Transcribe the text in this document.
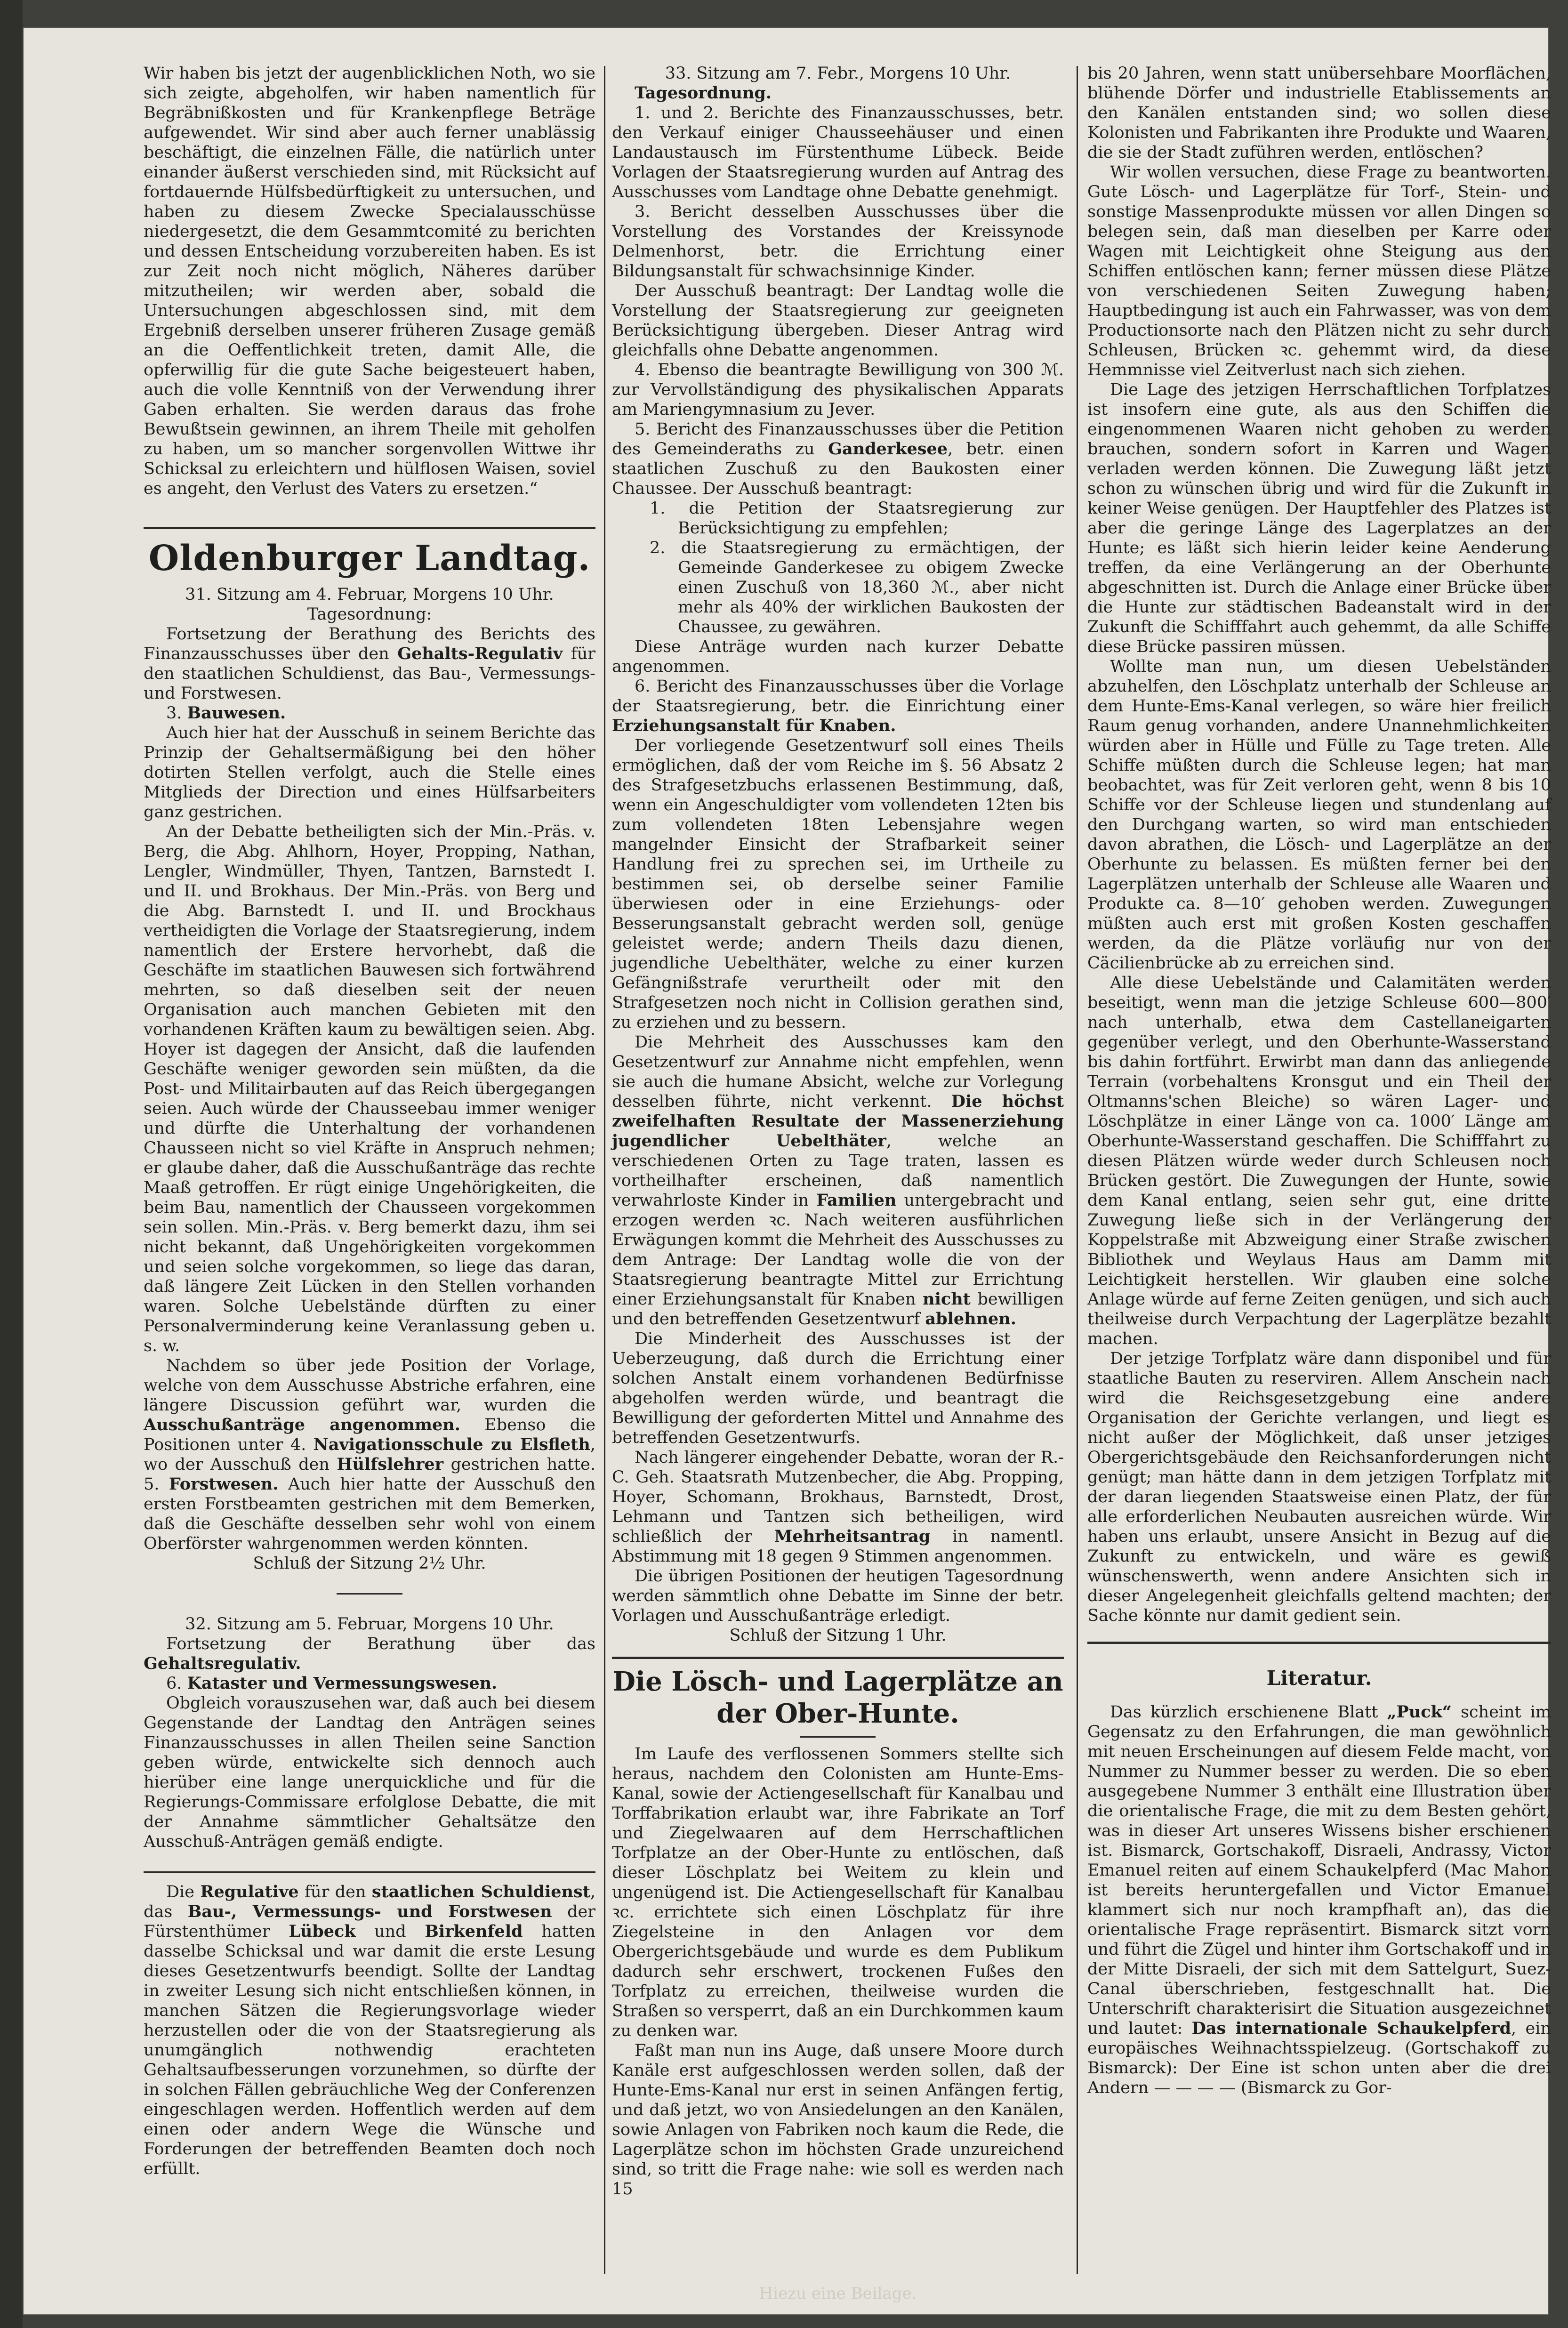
Wir haben bis jetzt der augenblicklichen Noth, wo sie sich zeigte, abgeholfen, wir haben namentlich für Begräbnißkosten und für Krankenpflege Beträge aufgewendet. Wir sind aber auch ferner unablässig beschäftigt, die einzelnen Fälle, die natürlich unter einander äußerst verschieden sind, mit Rücksicht auf fortdauernde Hülfsbedürftigkeit zu untersuchen, und haben zu diesem Zwecke Specialausschüsse niedergesetzt, die dem Gesammtcomité zu berichten und dessen Entscheidung vorzubereiten haben. Es ist zur Zeit noch nicht möglich, Näheres darüber mitzutheilen; wir werden aber, sobald die Untersuchungen abgeschlossen sind, mit dem Ergebniß derselben unserer früheren Zusage gemäß an die Oeffentlichkeit treten, damit Alle, die opferwillig für die gute Sache beigesteuert haben, auch die volle Kenntniß von der Verwendung ihrer Gaben erhalten. Sie werden daraus das frohe Bewußtsein gewinnen, an ihrem Theile mit geholfen zu haben, um so mancher sorgenvollen Wittwe ihr Schicksal zu erleichtern und hülflosen Waisen, soviel es angeht, den Verlust des Vaters zu ersetzen.“

Oldenburger Landtag.

31. Sitzung am 4. Februar, Morgens 10 Uhr.

Tagesordnung:

Fortsetzung der Berathung des Berichts des Finanzausschusses über den Gehalts-Regulativ für den staatlichen Schuldienst, das Bau-, Vermessungs- und Forstwesen.

3. Bauwesen.

Auch hier hat der Ausschuß in seinem Berichte das Prinzip der Gehaltsermäßigung bei den höher dotirten Stellen verfolgt, auch die Stelle eines Mitglieds der Direction und eines Hülfsarbeiters ganz gestrichen.

An der Debatte betheiligten sich der Min.-Präs. v. Berg, die Abg. Ahlhorn, Hoyer, Propping, Nathan, Lengler, Windmüller, Thyen, Tantzen, Barnstedt I. und II. und Brokhaus. Der Min.-Präs. von Berg und die Abg. Barnstedt I. und II. und Brockhaus vertheidigten die Vorlage der Staatsregierung, indem namentlich der Erstere hervorhebt, daß die Geschäfte im staatlichen Bauwesen sich fortwährend mehrten, so daß dieselben seit der neuen Organisation auch manchen Gebieten mit den vorhandenen Kräften kaum zu bewältigen seien. Abg. Hoyer ist dagegen der Ansicht, daß die laufenden Geschäfte weniger geworden sein müßten, da die Post- und Militairbauten auf das Reich übergegangen seien. Auch würde der Chausseebau immer weniger und dürfte die Unterhaltung der vorhandenen Chausseen nicht so viel Kräfte in Anspruch nehmen; er glaube daher, daß die Ausschußanträge das rechte Maaß getroffen. Er rügt einige Ungehörigkeiten, die beim Bau, namentlich der Chausseen vorgekommen sein sollen. Min.-Präs. v. Berg bemerkt dazu, ihm sei nicht bekannt, daß Ungehörigkeiten vorgekommen und seien solche vorgekommen, so liege das daran, daß längere Zeit Lücken in den Stellen vorhanden waren. Solche Uebelstände dürften zu einer Personalverminderung keine Veranlassung geben u. s. w.

Nachdem so über jede Position der Vorlage, welche von dem Ausschusse Abstriche erfahren, eine längere Discussion geführt war, wurden die Ausschußanträge angenommen. Ebenso die Positionen unter 4. Navigationsschule zu Elsfleth, wo der Ausschuß den Hülfslehrer gestrichen hatte. 5. Forstwesen. Auch hier hatte der Ausschuß den ersten Forstbeamten gestrichen mit dem Bemerken, daß die Geschäfte desselben sehr wohl von einem Oberförster wahrgenommen werden könnten.

Schluß der Sitzung 2½ Uhr.

32. Sitzung am 5. Februar, Morgens 10 Uhr.

Fortsetzung der Berathung über das Gehaltsregulativ.

6. Kataster und Vermessungswesen.

Obgleich vorauszusehen war, daß auch bei diesem Gegenstande der Landtag den Anträgen seines Finanzausschusses in allen Theilen seine Sanction geben würde, entwickelte sich dennoch auch hierüber eine lange unerquickliche und für die Regierungs-Commissare erfolglose Debatte, die mit der Annahme sämmtlicher Gehaltsätze den Ausschuß-Anträgen gemäß endigte.

Die Regulative für den staatlichen Schuldienst, das Bau-, Vermessungs- und Forstwesen der Fürstenthümer Lübeck und Birkenfeld hatten dasselbe Schicksal und war damit die erste Lesung dieses Gesetzentwurfs beendigt. Sollte der Landtag in zweiter Lesung sich nicht entschließen können, in manchen Sätzen die Regierungsvorlage wieder herzustellen oder die von der Staatsregierung als unumgänglich nothwendig erachteten Gehaltsaufbesserungen vorzunehmen, so dürfte der in solchen Fällen gebräuchliche Weg der Conferenzen eingeschlagen werden. Hoffentlich werden auf dem einen oder andern Wege die Wünsche und Forderungen der betreffenden Beamten doch noch erfüllt.

33. Sitzung am 7. Febr., Morgens 10 Uhr.

Tagesordnung.

1. und 2. Berichte des Finanzausschusses, betr. den Verkauf einiger Chausseehäuser und einen Landaustausch im Fürstenthume Lübeck. Beide Vorlagen der Staatsregierung wurden auf Antrag des Ausschusses vom Landtage ohne Debatte genehmigt.

3. Bericht desselben Ausschusses über die Vorstellung des Vorstandes der Kreissynode Delmenhorst, betr. die Errichtung einer Bildungsanstalt für schwachsinnige Kinder.

Der Ausschuß beantragt: Der Landtag wolle die Vorstellung der Staatsregierung zur geeigneten Berücksichtigung übergeben. Dieser Antrag wird gleichfalls ohne Debatte angenommen.

4. Ebenso die beantragte Bewilligung von 300 ℳ. zur Vervollständigung des physikalischen Apparats am Mariengymnasium zu Jever.

5. Bericht des Finanzausschusses über die Petition des Gemeinderaths zu Ganderkesee, betr. einen staatlichen Zuschuß zu den Baukosten einer Chaussee. Der Ausschuß beantragt:

1. die Petition der Staatsregierung zur Berücksichtigung zu empfehlen;

2. die Staatsregierung zu ermächtigen, der Gemeinde Ganderkesee zu obigem Zwecke einen Zuschuß von 18,360 ℳ., aber nicht mehr als 40% der wirklichen Baukosten der Chaussee, zu gewähren.

Diese Anträge wurden nach kurzer Debatte angenommen.

6. Bericht des Finanzausschusses über die Vorlage der Staatsregierung, betr. die Einrichtung einer Erziehungsanstalt für Knaben.

Der vorliegende Gesetzentwurf soll eines Theils ermöglichen, daß der vom Reiche im §. 56 Absatz 2 des Strafgesetzbuchs erlassenen Bestimmung, daß, wenn ein Angeschuldigter vom vollendeten 12ten bis zum vollendeten 18ten Lebensjahre wegen mangelnder Einsicht der Strafbarkeit seiner Handlung frei zu sprechen sei, im Urtheile zu bestimmen sei, ob derselbe seiner Familie überwiesen oder in eine Erziehungs- oder Besserungsanstalt gebracht werden soll, genüge geleistet werde; andern Theils dazu dienen, jugendliche Uebelthäter, welche zu einer kurzen Gefängnißstrafe verurtheilt oder mit den Strafgesetzen noch nicht in Collision gerathen sind, zu erziehen und zu bessern.

Die Mehrheit des Ausschusses kam den Gesetzentwurf zur Annahme nicht empfehlen, wenn sie auch die humane Absicht, welche zur Vorlegung desselben führte, nicht verkennt. Die höchst zweifelhaften Resultate der Massenerziehung jugendlicher Uebelthäter, welche an verschiedenen Orten zu Tage traten, lassen es vortheilhafter erscheinen, daß namentlich verwahrloste Kinder in Familien untergebracht und erzogen werden ꝛc. Nach weiteren ausführlichen Erwägungen kommt die Mehrheit des Ausschusses zu dem Antrage: Der Landtag wolle die von der Staatsregierung beantragte Mittel zur Errichtung einer Erziehungsanstalt für Knaben nicht bewilligen und den betreffenden Gesetzentwurf ablehnen.

Die Minderheit des Ausschusses ist der Ueberzeugung, daß durch die Errichtung einer solchen Anstalt einem vorhandenen Bedürfnisse abgeholfen werden würde, und beantragt die Bewilligung der geforderten Mittel und Annahme des betreffenden Gesetzentwurfs.

Nach längerer eingehender Debatte, woran der R.-C. Geh. Staatsrath Mutzenbecher, die Abg. Propping, Hoyer, Schomann, Brokhaus, Barnstedt, Drost, Lehmann und Tantzen sich betheiligen, wird schließlich der Mehrheitsantrag in namentl. Abstimmung mit 18 gegen 9 Stimmen angenommen.

Die übrigen Positionen der heutigen Tagesordnung werden sämmtlich ohne Debatte im Sinne der betr. Vorlagen und Ausschußanträge erledigt.

Schluß der Sitzung 1 Uhr.

Die Lösch- und Lagerplätze an der Ober-Hunte.

Im Laufe des verflossenen Sommers stellte sich heraus, nachdem den Colonisten am Hunte-Ems-Kanal, sowie der Actiengesellschaft für Kanalbau und Torffabrikation erlaubt war, ihre Fabrikate an Torf und Ziegelwaaren auf dem Herrschaftlichen Torfplatze an der Ober-Hunte zu entlöschen, daß dieser Löschplatz bei Weitem zu klein und ungenügend ist. Die Actiengesellschaft für Kanalbau ꝛc. errichtete sich einen Löschplatz für ihre Ziegelsteine in den Anlagen vor dem Obergerichtsgebäude und wurde es dem Publikum dadurch sehr erschwert, trockenen Fußes den Torfplatz zu erreichen, theilweise wurden die Straßen so versperrt, daß an ein Durchkommen kaum zu denken war.

Faßt man nun ins Auge, daß unsere Moore durch Kanäle erst aufgeschlossen werden sollen, daß der Hunte-Ems-Kanal nur erst in seinen Anfängen fertig, und daß jetzt, wo von Ansiedelungen an den Kanälen, sowie Anlagen von Fabriken noch kaum die Rede, die Lagerplätze schon im höchsten Grade unzureichend sind, so tritt die Frage nahe: wie soll es werden nach 15

bis 20 Jahren, wenn statt unübersehbare Moorflächen, blühende Dörfer und industrielle Etablissements an den Kanälen entstanden sind; wo sollen diese Kolonisten und Fabrikanten ihre Produkte und Waaren, die sie der Stadt zuführen werden, entlöschen?

Wir wollen versuchen, diese Frage zu beantworten. Gute Lösch- und Lagerplätze für Torf-, Stein- und sonstige Massenprodukte müssen vor allen Dingen so belegen sein, daß man dieselben per Karre oder Wagen mit Leichtigkeit ohne Steigung aus den Schiffen entlöschen kann; ferner müssen diese Plätze von verschiedenen Seiten Zuwegung haben; Hauptbedingung ist auch ein Fahrwasser, was von dem Productionsorte nach den Plätzen nicht zu sehr durch Schleusen, Brücken ꝛc. gehemmt wird, da diese Hemmnisse viel Zeitverlust nach sich ziehen.

Die Lage des jetzigen Herrschaftlichen Torfplatzes ist insofern eine gute, als aus den Schiffen die eingenommenen Waaren nicht gehoben zu werden brauchen, sondern sofort in Karren und Wagen verladen werden können. Die Zuwegung läßt jetzt schon zu wünschen übrig und wird für die Zukunft in keiner Weise genügen. Der Hauptfehler des Platzes ist aber die geringe Länge des Lagerplatzes an der Hunte; es läßt sich hierin leider keine Aenderung treffen, da eine Verlängerung an der Oberhunte abgeschnitten ist. Durch die Anlage einer Brücke über die Hunte zur städtischen Badeanstalt wird in der Zukunft die Schifffahrt auch gehemmt, da alle Schiffe diese Brücke passiren müssen.

Wollte man nun, um diesen Uebelständen abzuhelfen, den Löschplatz unterhalb der Schleuse an dem Hunte-Ems-Kanal verlegen, so wäre hier freilich Raum genug vorhanden, andere Unannehmlichkeiten würden aber in Hülle und Fülle zu Tage treten. Alle Schiffe müßten durch die Schleuse legen; hat man beobachtet, was für Zeit verloren geht, wenn 8 bis 10 Schiffe vor der Schleuse liegen und stundenlang auf den Durchgang warten, so wird man entschieden davon abrathen, die Lösch- und Lagerplätze an der Oberhunte zu belassen. Es müßten ferner bei den Lagerplätzen unterhalb der Schleuse alle Waaren und Produkte ca. 8—10′ gehoben werden. Zuwegungen müßten auch erst mit großen Kosten geschaffen werden, da die Plätze vorläufig nur von der Cäcilienbrücke ab zu erreichen sind.

Alle diese Uebelstände und Calamitäten werden beseitigt, wenn man die jetzige Schleuse 600—800′ nach unterhalb, etwa dem Castellaneigarten gegenüber verlegt, und den Oberhunte-Wasserstand bis dahin fortführt. Erwirbt man dann das anliegende Terrain (vorbehaltens Kronsgut und ein Theil der Oltmanns'schen Bleiche) so wären Lager- und Löschplätze in einer Länge von ca. 1000′ Länge am Oberhunte-Wasserstand geschaffen. Die Schifffahrt zu diesen Plätzen würde weder durch Schleusen noch Brücken gestört. Die Zuwegungen der Hunte, sowie dem Kanal entlang, seien sehr gut, eine dritte Zuwegung ließe sich in der Verlängerung der Koppelstraße mit Abzweigung einer Straße zwischen Bibliothek und Weylaus Haus am Damm mit Leichtigkeit herstellen. Wir glauben eine solche Anlage würde auf ferne Zeiten genügen, und sich auch theilweise durch Verpachtung der Lagerplätze bezahlt machen.

Der jetzige Torfplatz wäre dann disponibel und für staatliche Bauten zu reserviren. Allem Anschein nach wird die Reichsgesetzgebung eine andere Organisation der Gerichte verlangen, und liegt es nicht außer der Möglichkeit, daß unser jetziges Obergerichtsgebäude den Reichsanforderungen nicht genügt; man hätte dann in dem jetzigen Torfplatz mit der daran liegenden Staatsweise einen Platz, der für alle erforderlichen Neubauten ausreichen würde. Wir haben uns erlaubt, unsere Ansicht in Bezug auf die Zukunft zu entwickeln, und wäre es gewiß wünschenswerth, wenn andere Ansichten sich in dieser Angelegenheit gleichfalls geltend machten; der Sache könnte nur damit gedient sein.

Literatur.

Das kürzlich erschienene Blatt „Puck“ scheint im Gegensatz zu den Erfahrungen, die man gewöhnlich mit neuen Erscheinungen auf diesem Felde macht, von Nummer zu Nummer besser zu werden. Die so eben ausgegebene Nummer 3 enthält eine Illustration über die orientalische Frage, die mit zu dem Besten gehört, was in dieser Art unseres Wissens bisher erschienen ist. Bismarck, Gortschakoff, Disraeli, Andrassy, Victor Emanuel reiten auf einem Schaukelpferd (Mac Mahon ist bereits heruntergefallen und Victor Emanuel klammert sich nur noch krampfhaft an), das die orientalische Frage repräsentirt. Bismarck sitzt vorn und führt die Zügel und hinter ihm Gortschakoff und in der Mitte Disraeli, der sich mit dem Sattelgurt, Suez-Canal überschrieben, festgeschnallt hat. Die Unterschrift charakterisirt die Situation ausgezeichnet und lautet: Das internationale Schaukelpferd, ein europäisches Weihnachtsspielzeug. (Gortschakoff zu Bismarck): Der Eine ist schon unten aber die drei Andern — — — — (Bismarck zu Gor-

Hiezu eine Beilage.
